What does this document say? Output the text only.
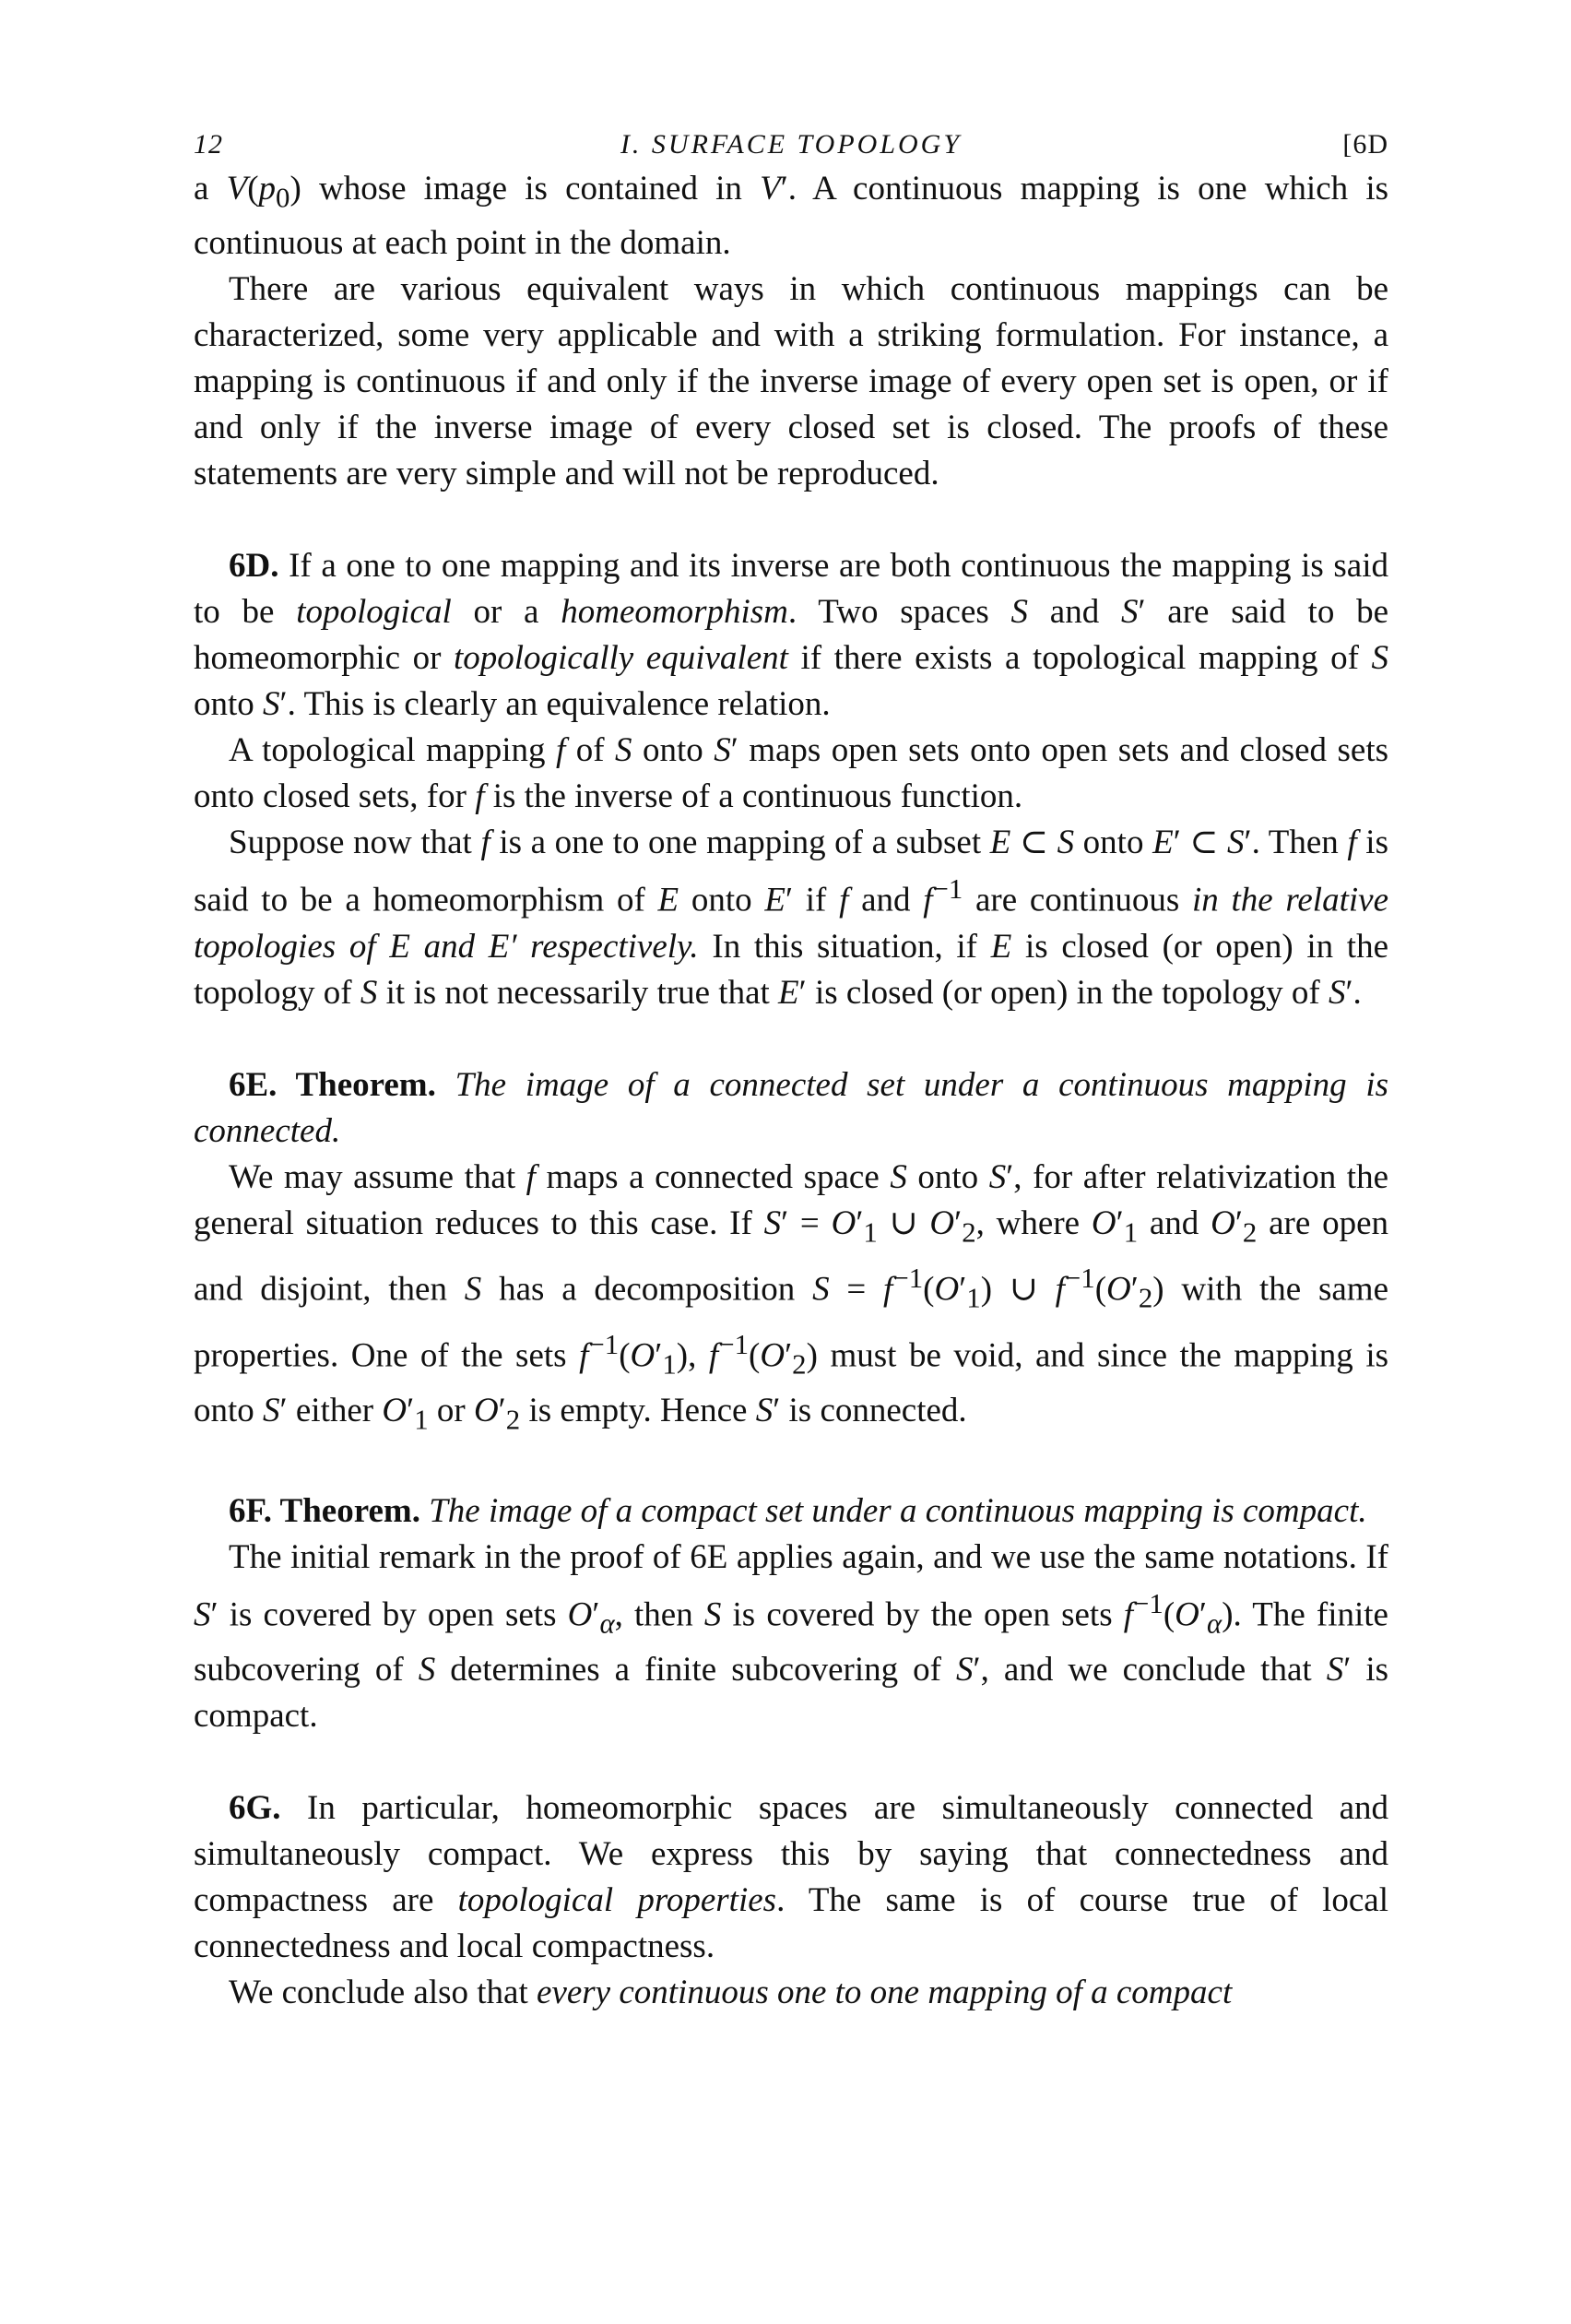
12	I. SURFACE TOPOLOGY	[6D

a $V(p_0)$ whose image is contained in V′. A continuous mapping is one which is continuous at each point in the domain.

There are various equivalent ways in which continuous mappings can be characterized, some very applicable and with a striking formulation. For instance, a mapping is continuous if and only if the inverse image of every open set is open, or if and only if the inverse image of every closed set is closed. The proofs of these statements are very simple and will not be reproduced.

6D. If a one to one mapping and its inverse are both continuous the mapping is said to be topological or a homeomorphism. Two spaces S and S′ are said to be homeomorphic or topologically equivalent if there exists a topological mapping of S onto S′. This is clearly an equivalence relation.

A topological mapping f of S onto S′ maps open sets onto open sets and closed sets onto closed sets, for f is the inverse of a continuous function.

Suppose now that f is a one to one mapping of a subset E ⊂ S onto E′ ⊂ S′. Then f is said to be a homeomorphism of E onto E′ if f and $f^{-1}$ are continuous in the relative topologies of E and E′ respectively. In this situation, if E is closed (or open) in the topology of S it is not necessarily true that E′ is closed (or open) in the topology of S′.

6E. Theorem. The image of a connected set under a continuous mapping is connected.

We may assume that f maps a connected space S onto S′, for after relativization the general situation reduces to this case. If $S' = O'_1$ ∪ $O'_2$, where $O'_1$ and $O'_2$ are open and disjoint, then S has a decomposition $S = f^{-1}(O'_1)$ ∪ $f^{-1}(O'_2)$ with the same properties. One of the sets $f^{-1}(O'_1)$, $f^{-1}(O'_2)$ must be void, and since the mapping is onto S′ either $O'_1$ or $O'_2$ is empty. Hence S′ is connected.

6F. Theorem. The image of a compact set under a continuous mapping is compact.

The initial remark in the proof of 6E applies again, and we use the same notations. If S′ is covered by open sets $O'_\alpha$, then S is covered by the open sets $f^{-1}(O'_\alpha)$. The finite subcovering of S determines a finite subcovering of S′, and we conclude that S′ is compact.

6G. In particular, homeomorphic spaces are simultaneously connected and simultaneously compact. We express this by saying that connectedness and compactness are topological properties. The same is of course true of local connectedness and local compactness.

We conclude also that every continuous one to one mapping of a compact
